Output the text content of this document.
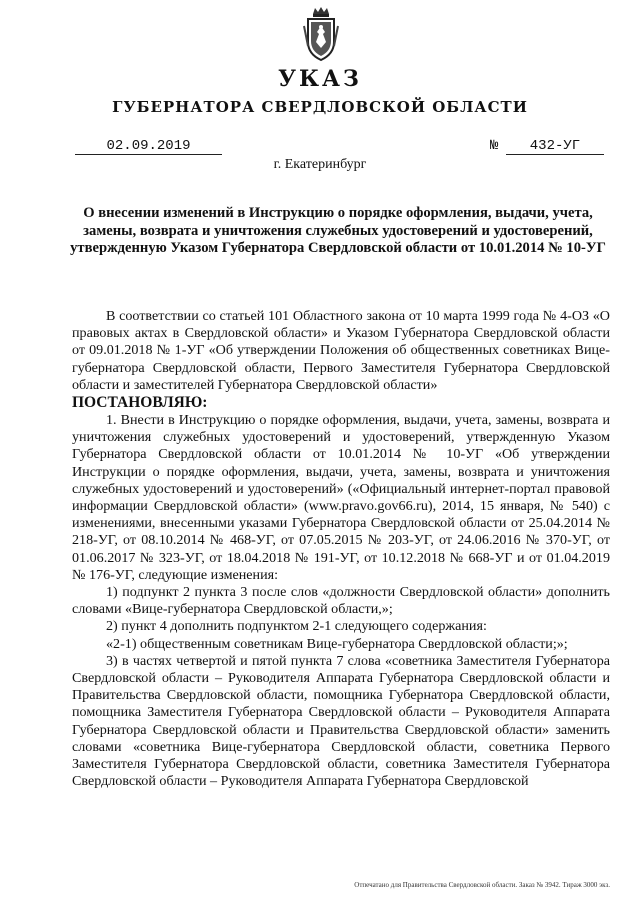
УКАЗ
ГУБЕРНАТОРА СВЕРДЛОВСКОЙ ОБЛАСТИ
02.09.2019	№	432-УГ
г. Екатеринбург
О внесении изменений в Инструкцию о порядке оформления, выдачи, учета, замены, возврата и уничтожения служебных удостоверений и удостоверений, утвержденную Указом Губернатора Свердловской области от 10.01.2014 № 10-УГ

В соответствии со статьей 101 Областного закона от 10 марта 1999 года № 4-ОЗ «О правовых актах в Свердловской области» и Указом Губернатора Свердловской области от 09.01.2018 № 1-УГ «Об утверждении Положения об общественных советниках Вице-губернатора Свердловской области, Первого Заместителя Губернатора Свердловской области и заместителей Губернатора Свердловской области»

ПОСТАНОВЛЯЮ:

1. Внести в Инструкцию о порядке оформления, выдачи, учета, замены, возврата и уничтожения служебных удостоверений и удостоверений, утвержденную Указом Губернатора Свердловской области от 10.01.2014 № 10-УГ «Об утверждении Инструкции о порядке оформления, выдачи, учета, замены, возврата и уничтожения служебных удостоверений и удостоверений» («Официальный интернет-портал правовой информации Свердловской области» (www.pravo.gov66.ru), 2014, 15 января, № 540) с изменениями, внесенными указами Губернатора Свердловской области от 25.04.2014 № 218-УГ, от 08.10.2014 № 468-УГ, от 07.05.2015 № 203-УГ, от 24.06.2016 № 370-УГ, от 01.06.2017 № 323-УГ, от 18.04.2018 № 191-УГ, от 10.12.2018 № 668-УГ и от 01.04.2019 № 176-УГ, следующие изменения:

1) подпункт 2 пункта 3 после слов «должности Свердловской области» дополнить словами «Вице-губернатора Свердловской области,»;

2) пункт 4 дополнить подпунктом 2-1 следующего содержания:

«2-1) общественным советникам Вице-губернатора Свердловской области;»;

3) в частях четвертой и пятой пункта 7 слова «советника Заместителя Губернатора Свердловской области – Руководителя Аппарата Губернатора Свердловской области и Правительства Свердловской области, помощника Губернатора Свердловской области, помощника Заместителя Губернатора Свердловской области – Руководителя Аппарата Губернатора Свердловской области и Правительства Свердловской области» заменить словами «советника Вице-губернатора Свердловской области, советника Первого Заместителя Губернатора Свердловской области, советника Заместителя Губернатора Свердловской области – Руководителя Аппарата Губернатора Свердловской

Отпечатано для Правительства Свердловской области. Заказ № 3942. Тираж 3000 экз.
